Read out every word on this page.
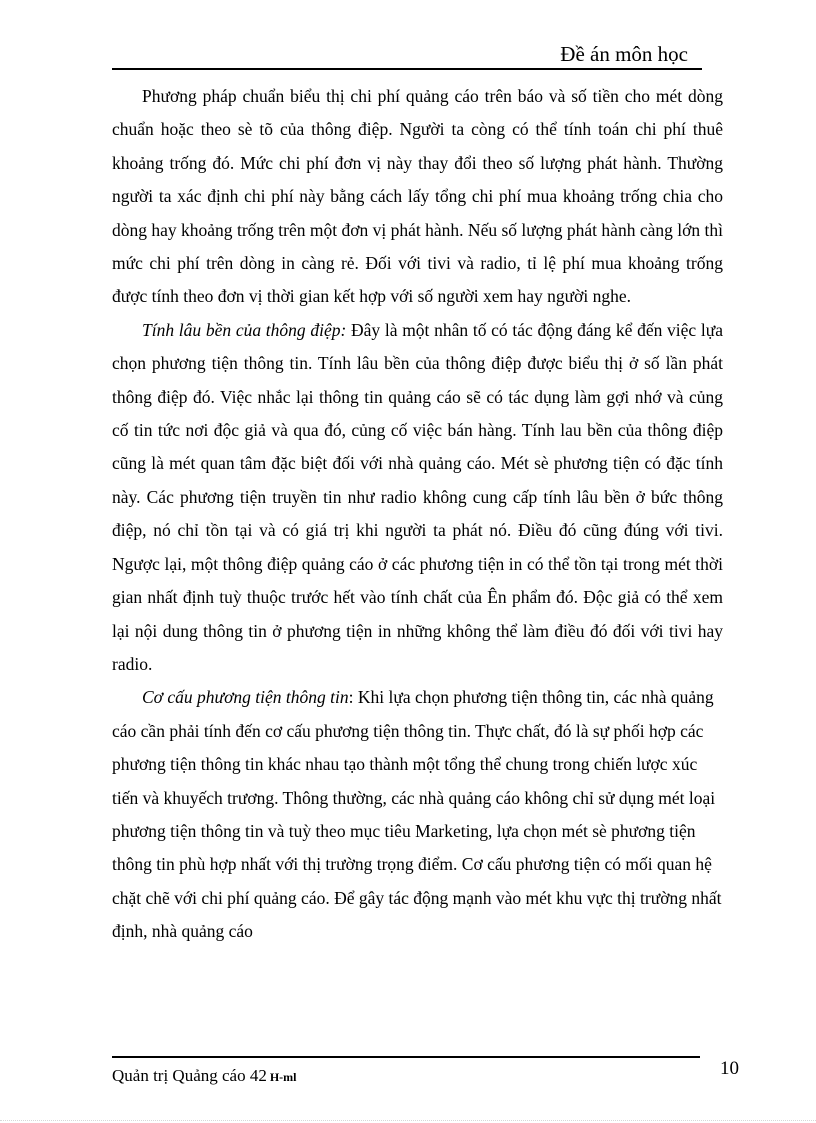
Đề án môn học

Phương pháp chuẩn biểu thị chi phí quảng cáo trên báo và số tiền cho mét dòng chuẩn hoặc theo sè tõ của thông điệp. Người ta còng có thể tính toán chi phí thuê khoảng trống đó. Mức chi phí đơn vị này thay đổi theo số lượng phát hành. Thường người ta xác định chi phí này bằng cách lấy tổng chi phí mua khoảng trống chia cho dòng hay khoảng trống trên một đơn vị phát hành. Nếu số lượng phát hành càng lớn thì mức chi phí trên dòng in càng rẻ. Đối với tivi và radio, tỉ lệ phí mua khoảng trống được tính theo đơn vị thời gian kết hợp với số người xem hay người nghe.

Tính lâu bền của thông điệp: Đây là một nhân tố có tác động đáng kể đến việc lựa chọn phương tiện thông tin. Tính lâu bền của thông điệp được biểu thị ở số lần phát thông điệp đó. Việc nhắc lại thông tin quảng cáo sẽ có tác dụng làm gợi nhớ và củng cố tin tức nơi độc giả và qua đó, củng cố việc bán hàng. Tính lau bền của thông điệp cũng là mét quan tâm đặc biệt đối với nhà quảng cáo. Mét sè phương tiện có đặc tính này. Các phương tiện truyền tin như radio không cung cấp tính lâu bền ở bức thông điệp, nó chỉ tồn tại và có giá trị khi người ta phát nó. Điều đó cũng đúng với tivi. Ngược lại, một thông điệp quảng cáo ở các phương tiện in có thể tồn tại trong mét thời gian nhất định tuỳ thuộc trước hết vào tính chất của Ên phẩm đó. Độc giả có thể xem lại nội dung thông tin ở phương tiện in những không thể làm điều đó đối với tivi hay radio.

Cơ cấu phương tiện thông tin: Khi lựa chọn phương tiện thông tin, các nhà quảng cáo cần phải tính đến cơ cấu phương tiện thông tin. Thực chất, đó là sự phối hợp các phương tiện thông tin khác nhau tạo thành một tổng thể chung trong chiến lược xúc tiến và khuyếch trương. Thông thường, các nhà quảng cáo không chỉ sử dụng mét loại phương tiện thông tin và tuỳ theo mục tiêu Marketing, lựa chọn mét sè phương tiện thông tin phù hợp nhất với thị trường trọng điểm. Cơ cấu phương tiện có mối quan hệ chặt chẽ với chi phí quảng cáo. Để gây tác động mạnh vào mét khu vực thị trường nhất định, nhà quảng cáo

Quản trị Quảng cáo 42 H-ml	10
